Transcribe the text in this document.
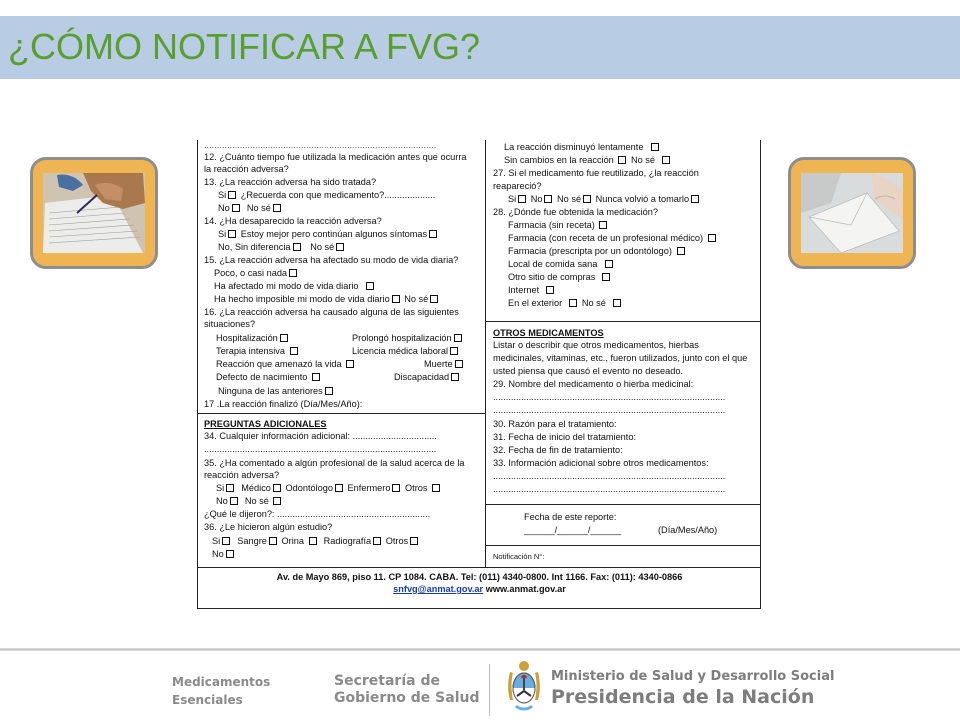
¿CÓMO NOTIFICAR A FVG?
...........................................................................................
12. ¿Cuánto tiempo fue utilizada la medicación antes que ocurra
la reacción adversa?
13. ¿La reacción adversa ha sido tratada?
Si ¿Recuerda con que medicamento?....................
No No sé
14. ¿Ha desaparecido la reacción adversa?
Si Estoy mejor pero continúan algunos síntomas
No, Sin diferencia No sé
15. ¿La reacción adversa ha afectado su modo de vida diaria?
Poco, o casi nada
Ha afectado mi modo de vida diario
Ha hecho imposible mi modo de vida diario No sé
16. ¿La reacción adversa ha causado alguna de las siguientes
situaciones?
Hospitalización	Prolongó hospitalización
Terapia intensiva	Licencia médica laboral
Reacción que amenazó la vida	Muerte
Defecto de nacimiento	Discapacidad
Ninguna de las anteriores
17 .La reacción finalizó (Día/Mes/Año):
PREGUNTAS ADICIONALES
34. Cualquier información adicional: .................................
...........................................................................................
35. ¿Ha comentado a algún profesional de la salud acerca de la
reacción adversa?
Si Médico Odontólogo Enfermero Otros
No No sé
¿Qué le dijeron?: ............................................................
36. ¿Le hicieron algún estudio?
Si Sangre Orina Radiografía Otros
No
La reacción disminuyó lentamente
Sin cambios en la reacción No sé
27. Si el medicamento fue reutilizado, ¿la reacción
reapareció?
Si No No sé Nunca volvió a tomarlo
28. ¿Dónde fue obtenida la medicación?
Farmacia (sin receta)
Farmacia (con receta de un profesional médico)
Farmacia (prescripta por un odontólogo)
Local de comida sana
Otro sitio de compras
Internet
En el exterior No sé
OTROS MEDICAMENTOS
Listar o describir que otros medicamentos, hierbas
medicinales, vitaminas, etc., fueron utilizados, junto con el que
usted piensa que causó el evento no deseado.
29. Nombre del medicamento o hierba medicinal:
...........................................................................................
...........................................................................................
30. Razón para el tratamiento:
31. Fecha de inicio del tratamiento:
32. Fecha de fin de tratamiento:
33. Información adicional sobre otros medicamentos:
...........................................................................................
...........................................................................................
Fecha de este reporte:
______/______/______	(Día/Mes/Año)
Notificación N°:
Av. de Mayo 869, piso 11. CP 1084. CABA. Tel: (011) 4340-0800. Int 1166. Fax: (011): 4340-0866
snfvg@anmat.gov.ar www.anmat.gov.ar
Medicamentos
Esenciales
Secretaría de
Gobierno de Salud
Ministerio de Salud y Desarrollo Social
Presidencia de la Nación
